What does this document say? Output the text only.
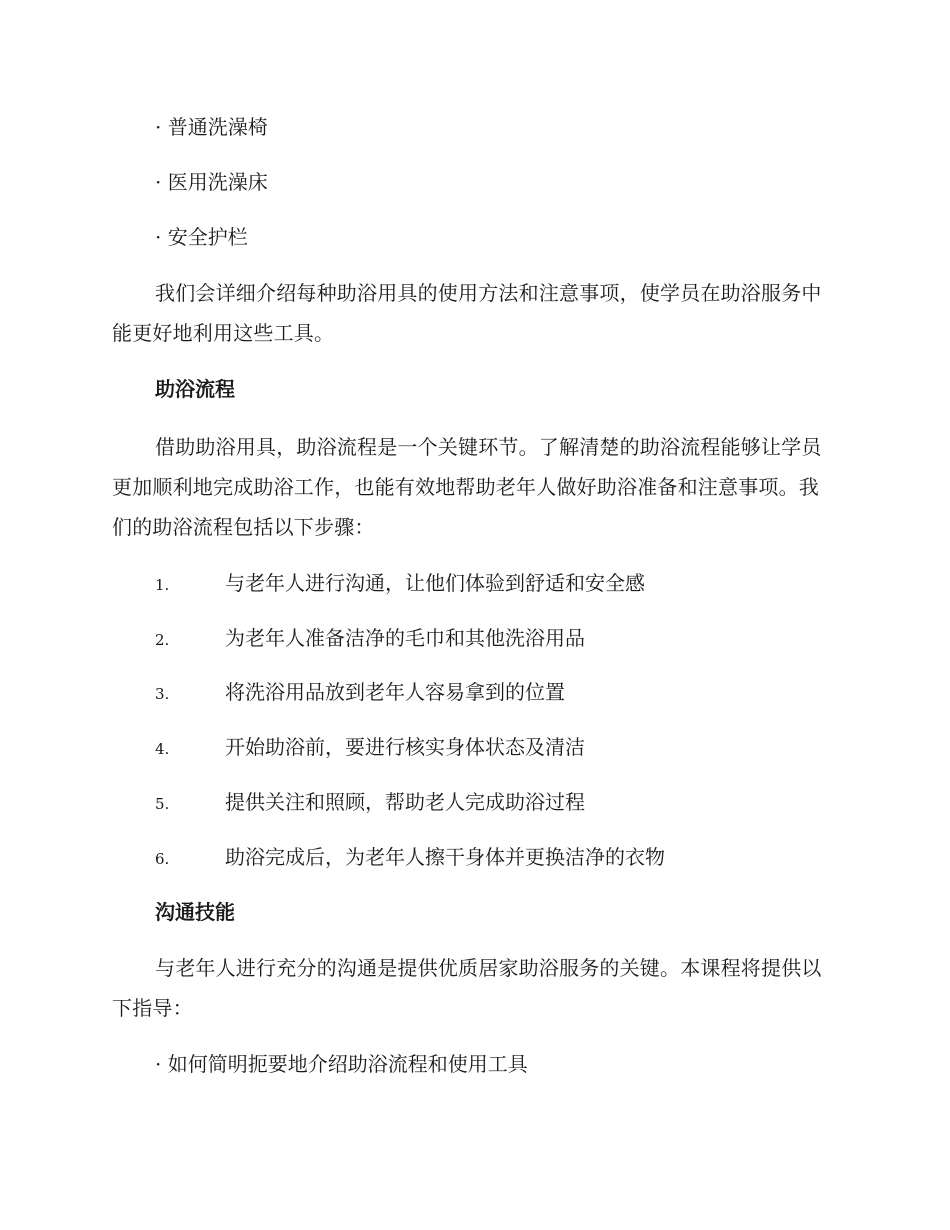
· 普通洗澡椅
· 医用洗澡床
· 安全护栏

我们会详细介绍每种助浴用具的使用方法和注意事项，使学员在助浴服务中能更好地利用这些工具。

助浴流程

借助助浴用具，助浴流程是一个关键环节。了解清楚的助浴流程能够让学员更加顺利地完成助浴工作，也能有效地帮助老年人做好助浴准备和注意事项。我们的助浴流程包括以下步骤：

1.	与老年人进行沟通，让他们体验到舒适和安全感
2.	为老年人准备洁净的毛巾和其他洗浴用品
3.	将洗浴用品放到老年人容易拿到的位置
4.	开始助浴前，要进行核实身体状态及清洁
5.	提供关注和照顾，帮助老人完成助浴过程
6.	助浴完成后，为老年人擦干身体并更换洁净的衣物
沟通技能

与老年人进行充分的沟通是提供优质居家助浴服务的关键。本课程将提供以下指导：

· 如何简明扼要地介绍助浴流程和使用工具
